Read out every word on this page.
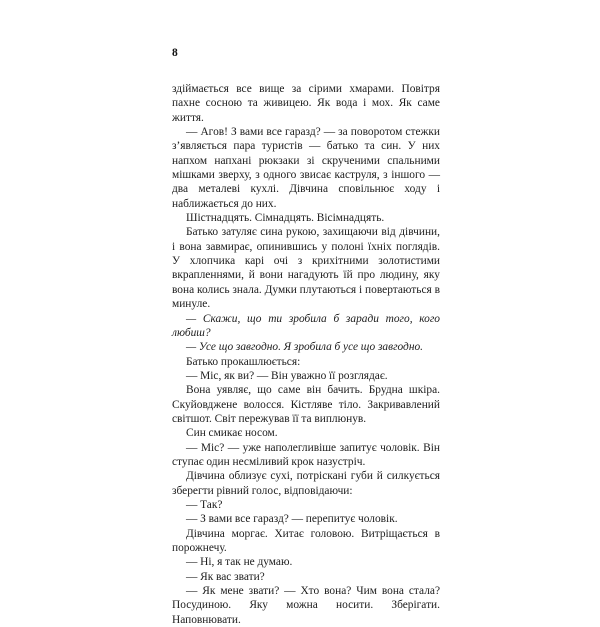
8

здіймається все вище за сірими хмарами. Повітря пахне сосною та живицею. Як вода і мох. Як саме життя.

— Агов! З вами все гаразд? — за поворотом стежки з’являється пара туристів — батько та син. У них напхом напхані рюкзаки зі скрученими спальними мішками зверху, з одного звисає каструля, з іншого — два металеві кухлі. Дівчина сповільнює ходу і наближається до них.

Шістнадцять. Сімнадцять. Вісімнадцять.

Батько затуляє сина рукою, захищаючи від дівчини, і вона завмирає, опинившись у полоні їхніх поглядів. У хлопчика карі очі з крихітними золотистими вкрапленнями, й вони нагадують їй про людину, яку вона колись знала. Думки плутаються і повертаються в минуле.

— Скажи, що ти зробила б заради того, кого любиш?

— Усе що завгодно. Я зробила б усе що завгодно.

Батько прокашлюється:

— Міс, як ви? — Він уважно її розглядає.

Вона уявляє, що саме він бачить. Брудна шкіра. Скуйовджене волосся. Кістляве тіло. Закривавлений світшот. Світ пережував її та виплюнув.

Син смикає носом.

— Міс? — уже наполегливіше запитує чоловік. Він ступає один несміливий крок назустріч.

Дівчина облизує сухі, потріскані губи й силкується зберегти рівний голос, відповідаючи:

— Так?

— З вами все гаразд? — перепитує чоловік.

Дівчина моргає. Хитає головою. Витріщається в порожнечу.

— Ні, я так не думаю.

— Як вас звати?

— Як мене звати? — Хто вона? Чим вона стала? Посудиною. Яку можна носити. Зберігати. Наповнювати.
